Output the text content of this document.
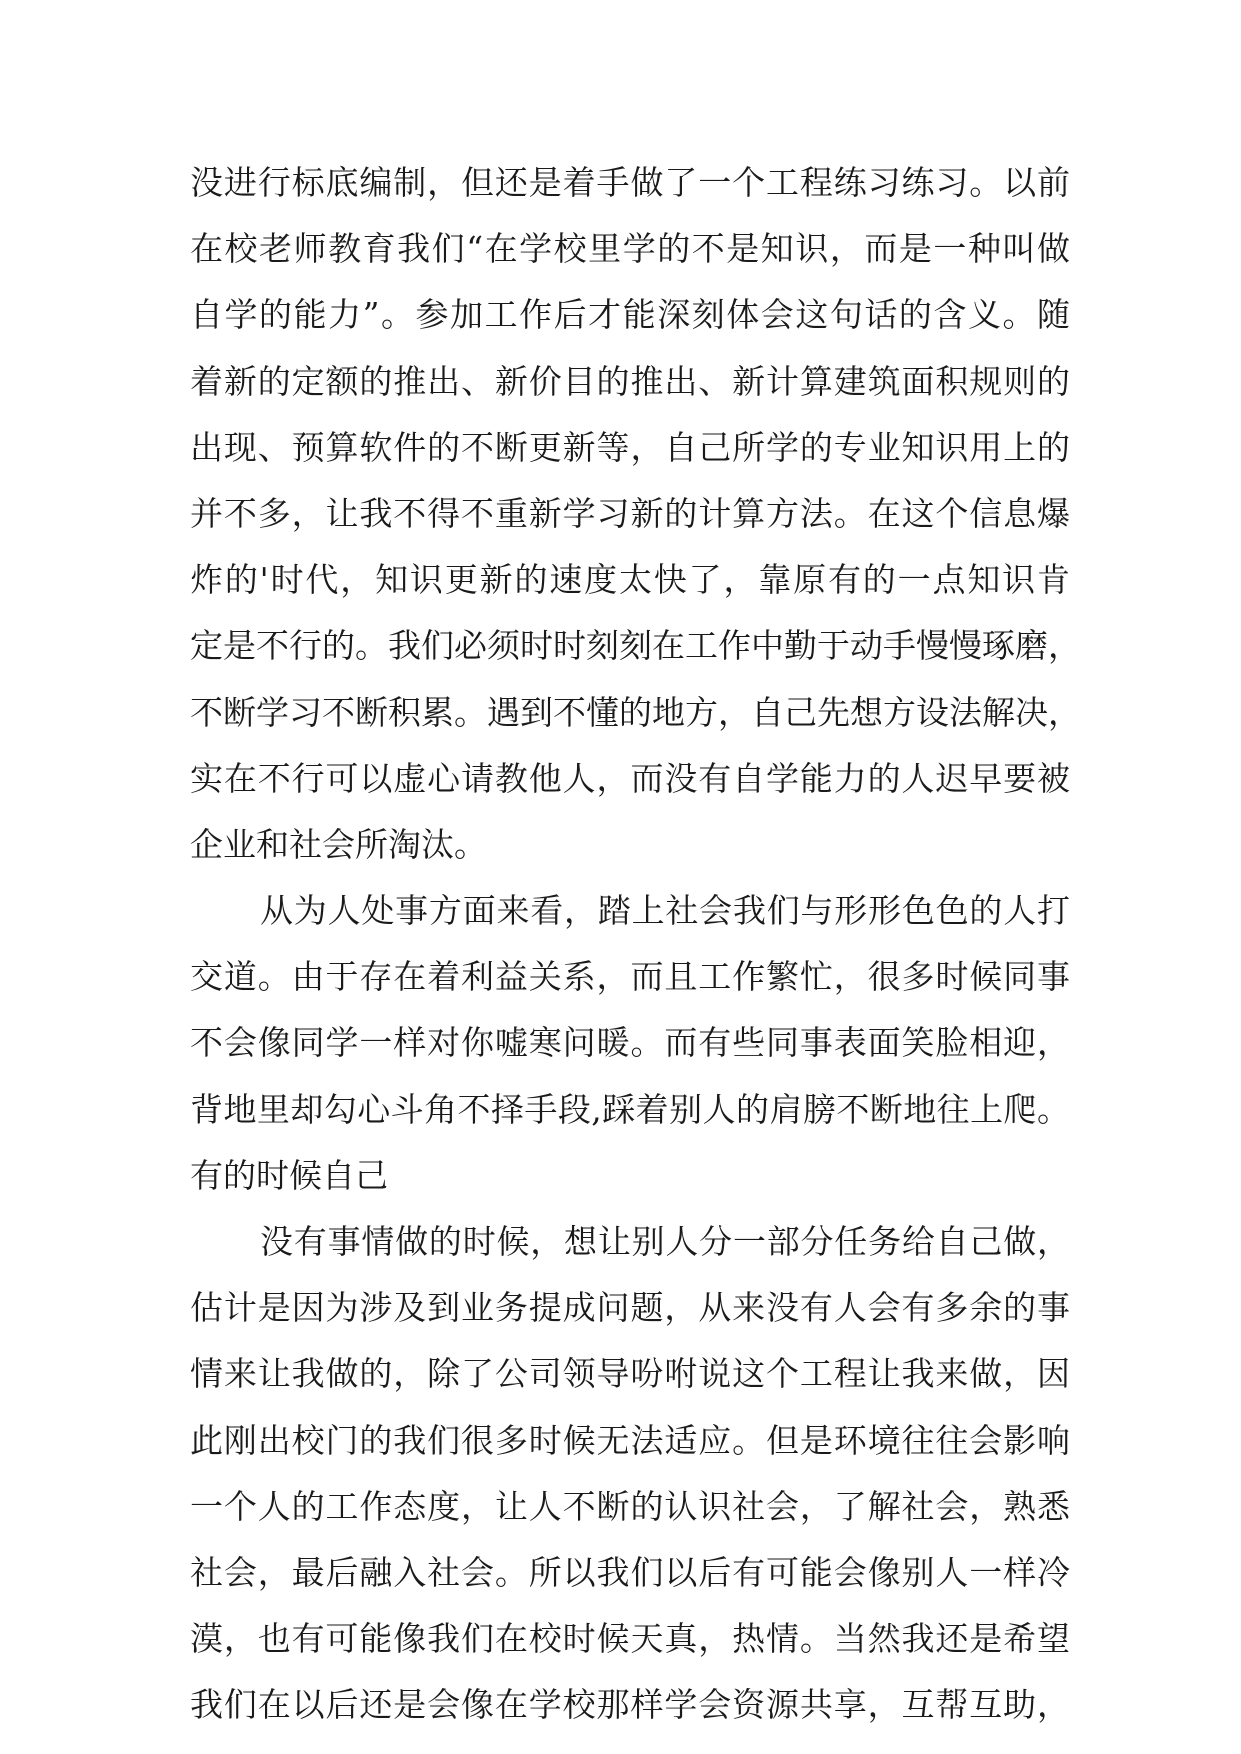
没进行标底编制，但还是着手做了一个工程练习练习。以前
在校老师教育我们“在学校里学的不是知识，而是一种叫做
自学的能力”。参加工作后才能深刻体会这句话的含义。随
着新的定额的推出、新价目的推出、新计算建筑面积规则的
出现、预算软件的不断更新等，自己所学的专业知识用上的
并不多，让我不得不重新学习新的计算方法。在这个信息爆
炸的'时代，知识更新的速度太快了，靠原有的一点知识肯
定是不行的。我们必须时时刻刻在工作中勤于动手慢慢琢磨，
不断学习不断积累。遇到不懂的地方，自己先想方设法解决，
实在不行可以虚心请教他人，而没有自学能力的人迟早要被
企业和社会所淘汰。
从为人处事方面来看，踏上社会我们与形形色色的人打
交道。由于存在着利益关系，而且工作繁忙，很多时候同事
不会像同学一样对你嘘寒问暖。而有些同事表面笑脸相迎，
背地里却勾心斗角不择手段,踩着别人的肩膀不断地往上爬。
有的时候自己
没有事情做的时候，想让别人分一部分任务给自己做，
估计是因为涉及到业务提成问题，从来没有人会有多余的事
情来让我做的，除了公司领导吩咐说这个工程让我来做，因
此刚出校门的我们很多时候无法适应。但是环境往往会影响
一个人的工作态度，让人不断的认识社会，了解社会，熟悉
社会，最后融入社会。所以我们以后有可能会像别人一样冷
漠，也有可能像我们在校时候天真，热情。当然我还是希望
我们在以后还是会像在学校那样学会资源共享，互帮互助，
